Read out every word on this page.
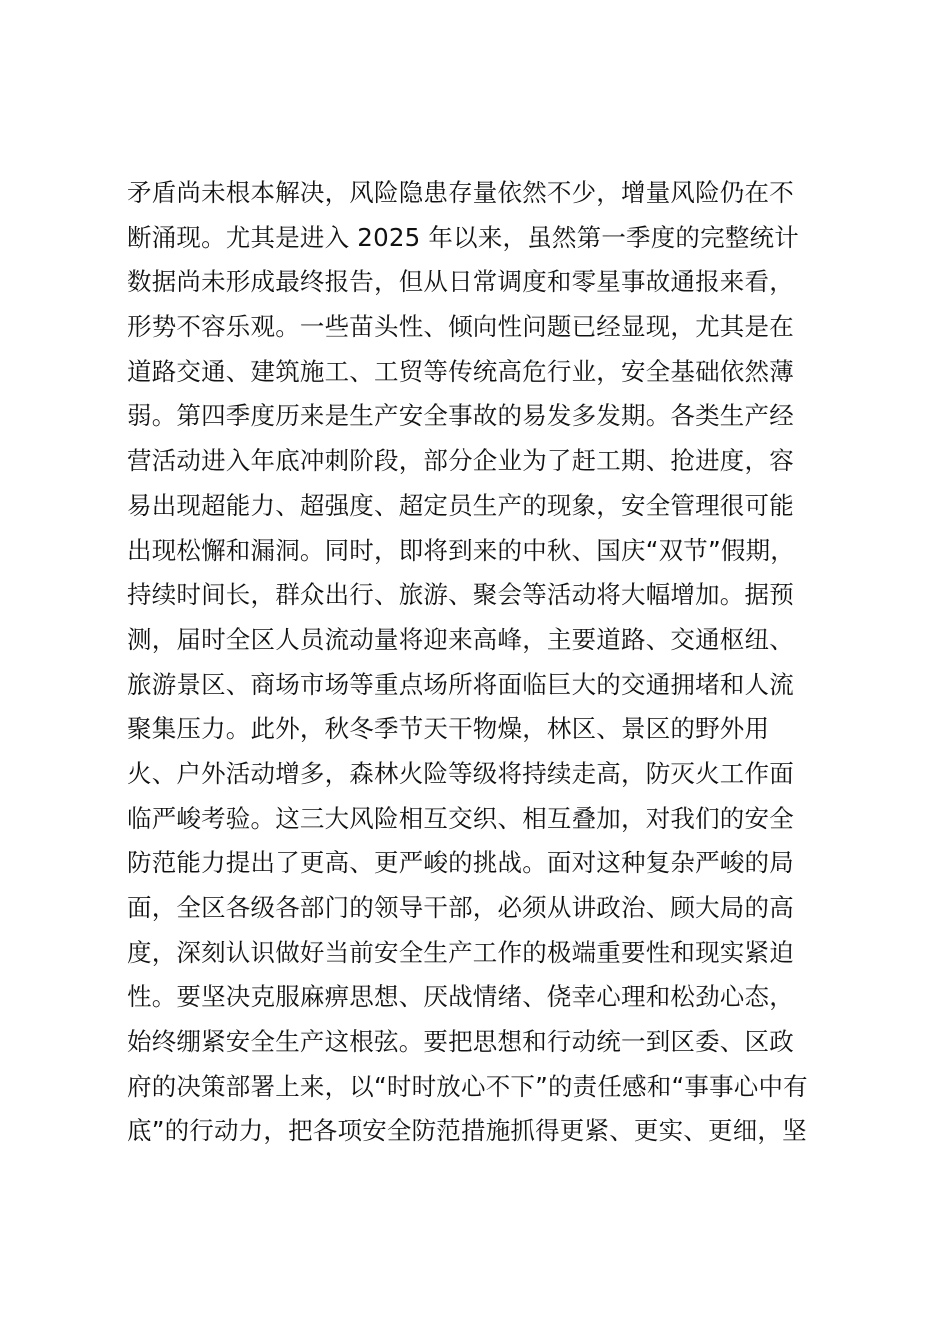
矛盾尚未根本解决，风险隐患存量依然不少，增量风险仍在不
断涌现。尤其是进入 2025 年以来，虽然第一季度的完整统计
数据尚未形成最终报告，但从日常调度和零星事故通报来看，
形势不容乐观。一些苗头性、倾向性问题已经显现，尤其是在
道路交通、建筑施工、工贸等传统高危行业，安全基础依然薄
弱。第四季度历来是生产安全事故的易发多发期。各类生产经
营活动进入年底冲刺阶段，部分企业为了赶工期、抢进度，容
易出现超能力、超强度、超定员生产的现象，安全管理很可能
出现松懈和漏洞。同时，即将到来的中秋、国庆“双节”假期，
持续时间长，群众出行、旅游、聚会等活动将大幅增加。据预
测，届时全区人员流动量将迎来高峰，主要道路、交通枢纽、
旅游景区、商场市场等重点场所将面临巨大的交通拥堵和人流
聚集压力。此外，秋冬季节天干物燥，林区、景区的野外用
火、户外活动增多，森林火险等级将持续走高，防灭火工作面
临严峻考验。这三大风险相互交织、相互叠加，对我们的安全
防范能力提出了更高、更严峻的挑战。面对这种复杂严峻的局
面，全区各级各部门的领导干部，必须从讲政治、顾大局的高
度，深刻认识做好当前安全生产工作的极端重要性和现实紧迫
性。要坚决克服麻痹思想、厌战情绪、侥幸心理和松劲心态，
始终绷紧安全生产这根弦。要把思想和行动统一到区委、区政
府的决策部署上来，以“时时放心不下”的责任感和“事事心中有
底”的行动力，把各项安全防范措施抓得更紧、更实、更细，坚
